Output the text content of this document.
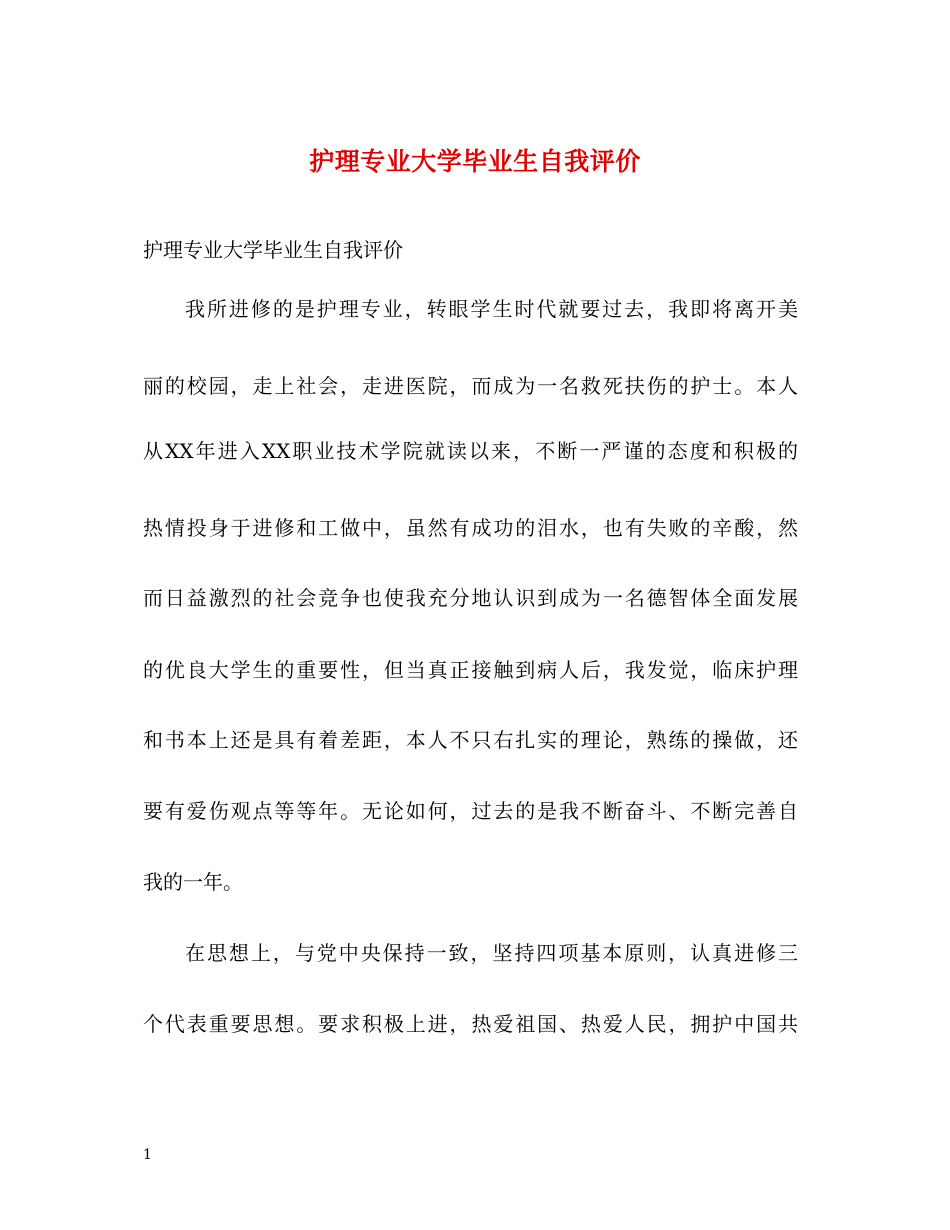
护理专业大学毕业生自我评价
护理专业大学毕业生自我评价
我所进修的是护理专业，转眼学生时代就要过去，我即将离开美
丽的校园，走上社会，走进医院，而成为一名救死扶伤的护士。本人
从XX年进入XX职业技术学院就读以来，不断一严谨的态度和积极的
热情投身于进修和工做中，虽然有成功的泪水，也有失败的辛酸，然
而日益激烈的社会竞争也使我充分地认识到成为一名德智体全面发展
的优良大学生的重要性，但当真正接触到病人后，我发觉，临床护理
和书本上还是具有着差距，本人不只右扎实的理论，熟练的操做，还
要有爱伤观点等等年。无论如何，过去的是我不断奋斗、不断完善自
我的一年。
在思想上，与党中央保持一致，坚持四项基本原则，认真进修三
个代表重要思想。要求积极上进，热爱祖国、热爱人民，拥护中国共
1
